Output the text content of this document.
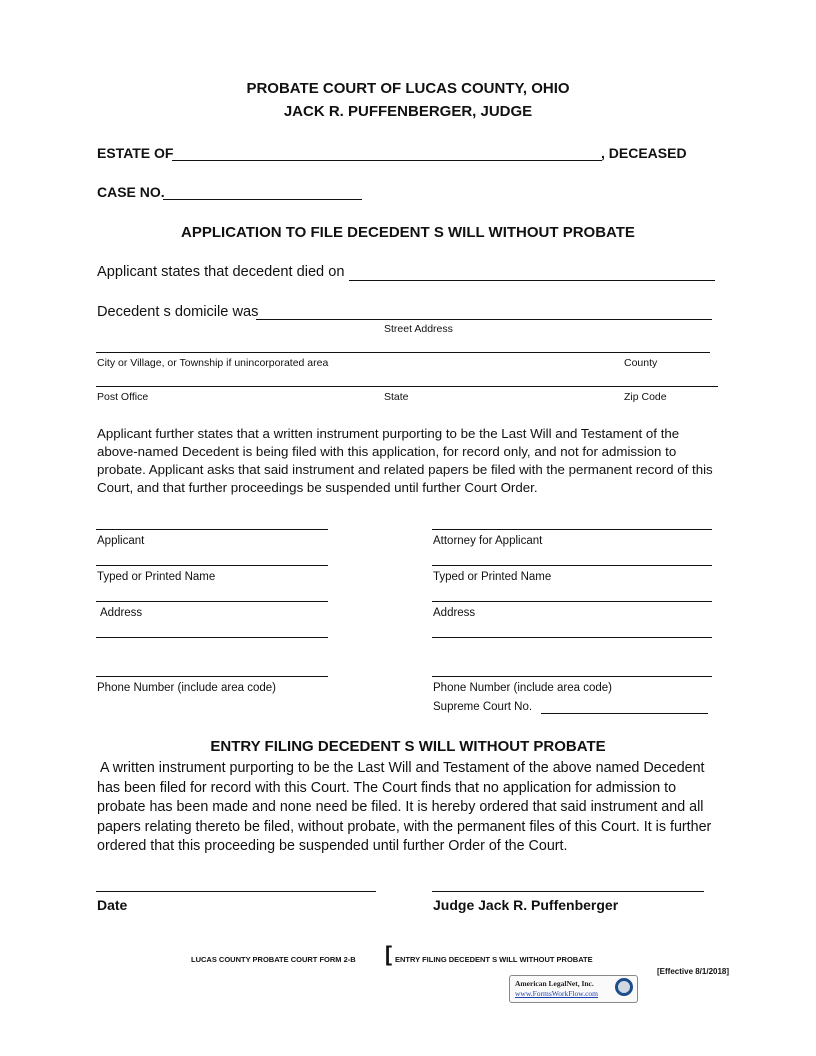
PROBATE COURT OF LUCAS COUNTY, OHIO
JACK R. PUFFENBERGER, JUDGE
ESTATE OF	, DECEASED
CASE NO.
APPLICATION TO FILE DECEDENT S WILL WITHOUT PROBATE
Applicant states that decedent died on
Decedent s domicile was
Street Address
City or Village, or Township if unincorporated area	County
Post Office	State	Zip Code
Applicant further states that a written instrument purporting to be the Last Will and Testament of the above-named Decedent is being filed with this application, for record only, and not for admission to probate. Applicant asks that said instrument and related papers be filed with the permanent record of this Court, and that further proceedings be suspended until further Court Order.
Applicant	Attorney for Applicant
Typed or Printed Name	Typed or Printed Name
Address	Address
Phone Number (include area code)	Phone Number (include area code)
Supreme Court No.
ENTRY FILING DECEDENT S WILL WITHOUT PROBATE
A written instrument purporting to be the Last Will and Testament of the above named Decedent has been filed for record with this Court. The Court finds that no application for admission to probate has been made and none need be filed. It is hereby ordered that said instrument and all papers relating thereto be filed, without probate, with the permanent files of this Court. It is further ordered that this proceeding be suspended until further Order of the Court.
Date	Judge Jack R. Puffenberger
LUCAS COUNTY PROBATE COURT FORM 2-B [ ENTRY FILING DECEDENT S WILL WITHOUT PROBATE
[Effective 8/1/2018]
American LegalNet, Inc.
www.FormsWorkFlow.com
